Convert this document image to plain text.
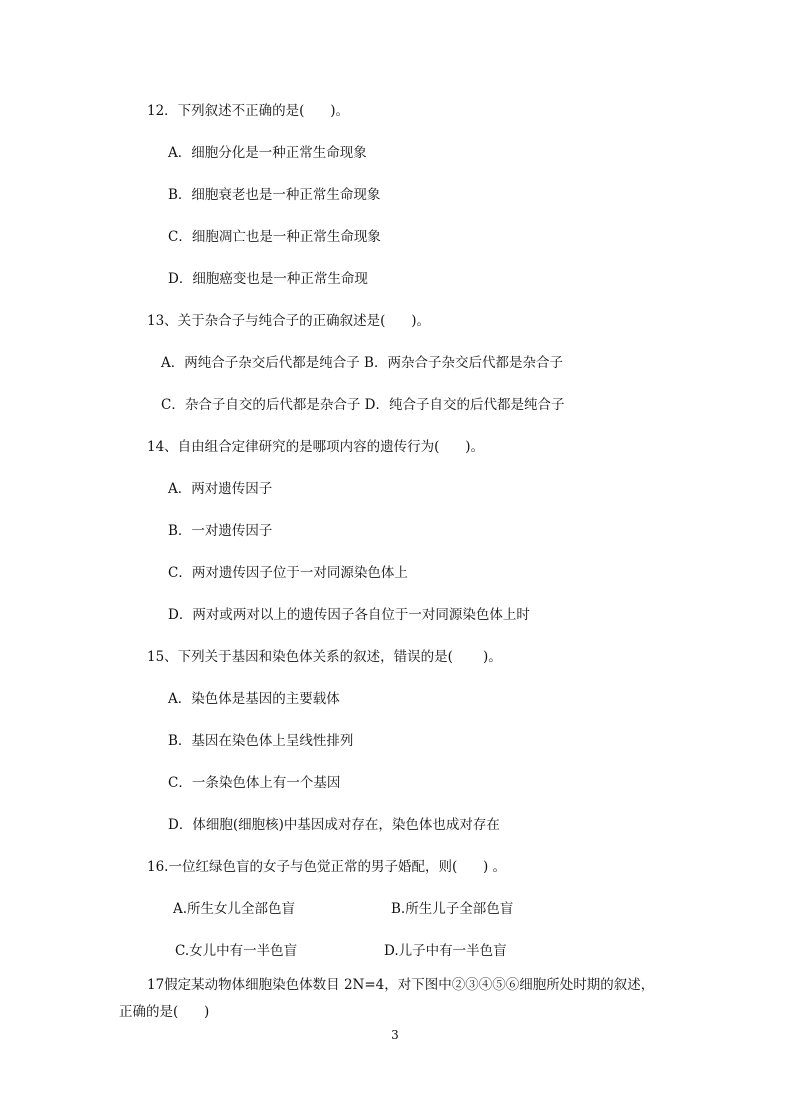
12．下列叙述不正确的是(      )。
A．细胞分化是一种正常生命现象
B．细胞衰老也是一种正常生命现象
C．细胞凋亡也是一种正常生命现象
D．细胞癌变也是一种正常生命现
13、关于杂合子与纯合子的正确叙述是(      )。
A．两纯合子杂交后代都是纯合子 B．两杂合子杂交后代都是杂合子
C．杂合子自交的后代都是杂合子 D．纯合子自交的后代都是纯合子
14、自由组合定律研究的是哪项内容的遗传行为(      )。
A．两对遗传因子
B．一对遗传因子
C．两对遗传因子位于一对同源染色体上
D．两对或两对以上的遗传因子各自位于一对同源染色体上时
15、下列关于基因和染色体关系的叙述，错误的是(       )。
A．染色体是基因的主要载体
B．基因在染色体上呈线性排列
C．一条染色体上有一个基因
D．体细胞(细胞核)中基因成对存在，染色体也成对存在
16.一位红绿色盲的女子与色觉正常的男子婚配，则(      ) 。
A.所生女儿全部色盲	B.所生儿子全部色盲
C.女儿中有一半色盲	D.儿子中有一半色盲
17假定某动物体细胞染色体数目 2N=4，对下图中②③④⑤⑥细胞所处时期的叙述，
正确的是(      )
3
